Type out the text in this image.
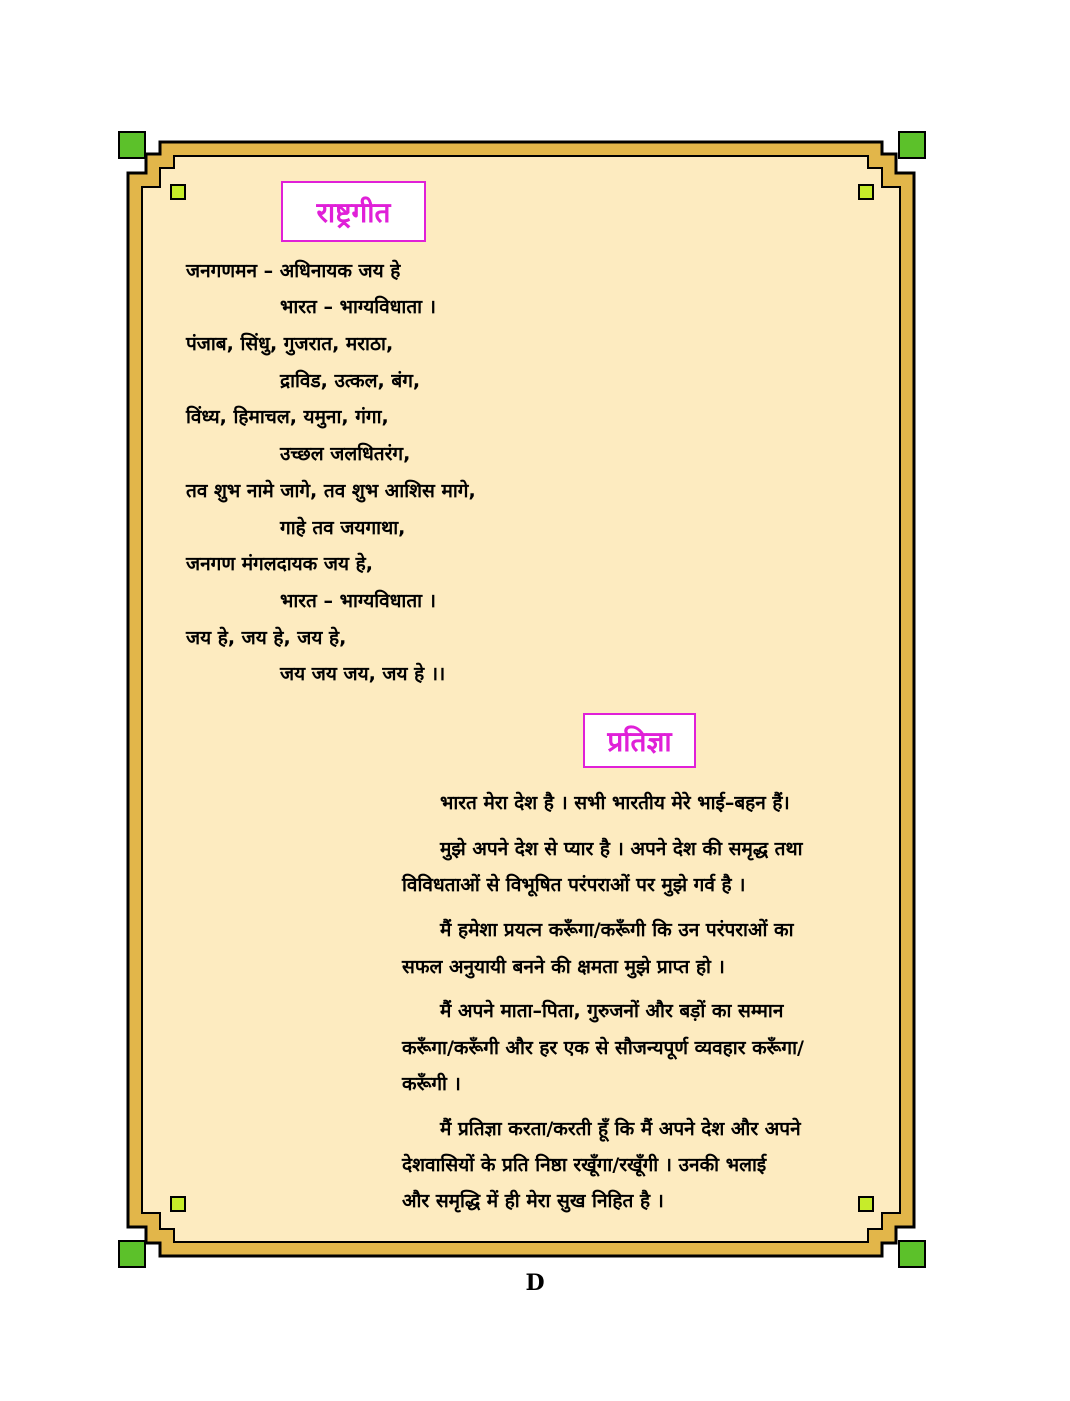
राष्ट्रगीत
जनगणमन – अधिनायक जय हे
भारत – भाग्यविधाता ।
पंजाब, सिंधु, गुजरात, मराठा,
द्राविड, उत्कल, बंग,
विंध्य, हिमाचल, यमुना, गंगा,
उच्छल जलधितरंग,
तव शुभ नामे जागे, तव शुभ आशिस मागे,
गाहे तव जयगाथा,
जनगण मंगलदायक जय हे,
भारत – भाग्यविधाता ।
जय हे, जय हे, जय हे,
जय जय जय, जय हे ।।
प्रतिज्ञा
भारत मेरा देश है । सभी भारतीय मेरे भाई–बहन हैं।
मुझे अपने देश से प्यार है । अपने देश की समृद्ध तथा
विविधताओं से विभूषित परंपराओं पर मुझे गर्व है ।
मैं हमेशा प्रयत्न करूँगा/करूँगी कि उन परंपराओं का
सफल अनुयायी बनने की क्षमता मुझे प्राप्त हो ।
मैं अपने माता–पिता, गुरुजनों और बड़ों का सम्मान
करूँगा/करूँगी और हर एक से सौजन्यपूर्ण व्यवहार करूँगा/
करूँगी ।
मैं प्रतिज्ञा करता/करती हूँ कि मैं अपने देश और अपने
देशवासियों के प्रति निष्ठा रखूँगा/रखूँगी । उनकी भलाई
और समृद्धि में ही मेरा सुख निहित है ।
D
